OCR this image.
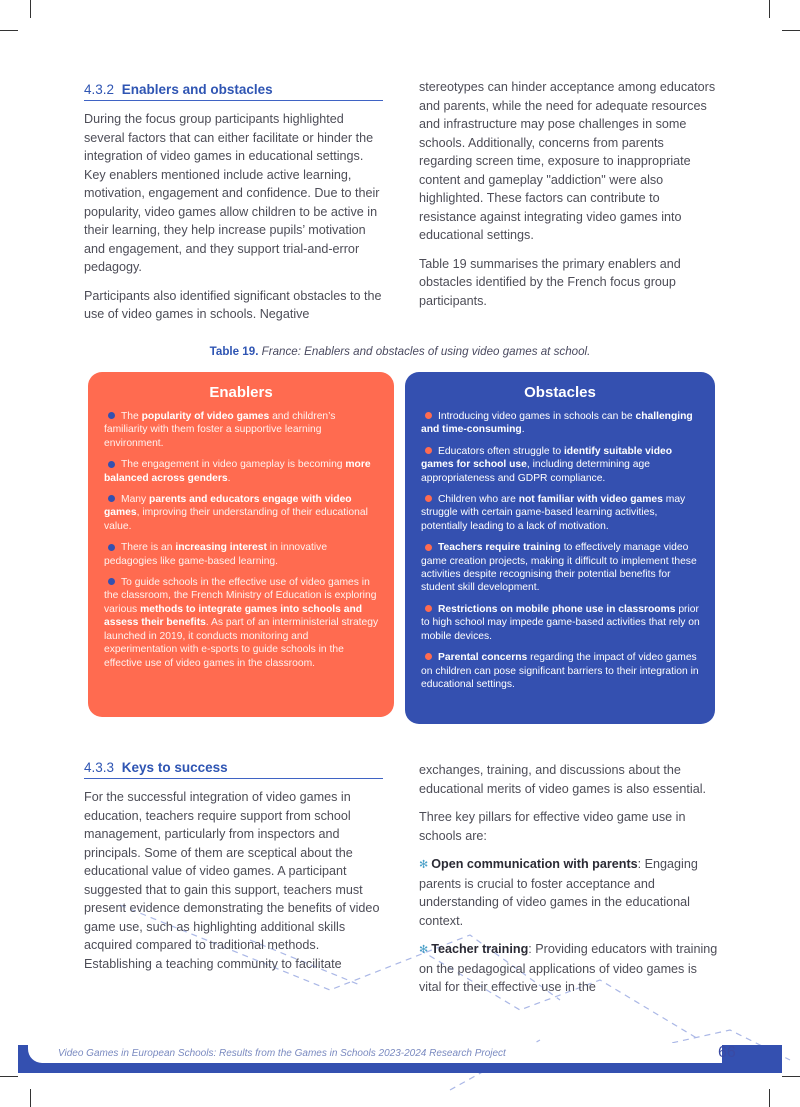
4.3.2 Enablers and obstacles

During the focus group participants highlighted several factors that can either facilitate or hinder the integration of video games in educational settings. Key enablers mentioned include active learning, motivation, engagement and confidence. Due to their popularity, video games allow children to be active in their learning, they help increase pupils’ motivation and engagement, and they support trial-and-error pedagogy.

Participants also identified significant obstacles to the use of video games in schools. Negative

stereotypes can hinder acceptance among educators and parents, while the need for adequate resources and infrastructure may pose challenges in some schools. Additionally, concerns from parents regarding screen time, exposure to inappropriate content and gameplay "addiction" were also highlighted. These factors can contribute to resistance against integrating video games into educational settings.

Table 19 summarises the primary enablers and obstacles identified by the French focus group participants.

Table 19. France: Enablers and obstacles of using video games at school.
Enablers
The popularity of video games and children’s familiarity with them foster a supportive learning environment.
The engagement in video gameplay is becoming more balanced across genders.
Many parents and educators engage with video games, improving their understanding of their educational value.
There is an increasing interest in innovative pedagogies like game-based learning.
To guide schools in the effective use of video games in the classroom, the French Ministry of Education is exploring various methods to integrate games into schools and assess their benefits. As part of an interministerial strategy launched in 2019, it conducts monitoring and experimentation with e-sports to guide schools in the effective use of video games in the classroom.
Obstacles
Introducing video games in schools can be challenging and time-consuming.
Educators often struggle to identify suitable video games for school use, including determining age appropriateness and GDPR compliance.
Children who are not familiar with video games may struggle with certain game-based learning activities, potentially leading to a lack of motivation.
Teachers require training to effectively manage video game creation projects, making it difficult to implement these activities despite recognising their potential benefits for student skill development.
Restrictions on mobile phone use in classrooms prior to high school may impede game-based activities that rely on mobile devices.
Parental concerns regarding the impact of video games on children can pose significant barriers to their integration in educational settings.
4.3.3 Keys to success

For the successful integration of video games in education, teachers require support from school management, particularly from inspectors and principals. Some of them are sceptical about the educational value of video games. A participant suggested that to gain this support, teachers must present evidence demonstrating the benefits of video game use, such as highlighting additional skills acquired compared to traditional methods. Establishing a teaching community to facilitate

exchanges, training, and discussions about the educational merits of video games is also essential.

Three key pillars for effective video game use in schools are:

✻ Open communication with parents: Engaging parents is crucial to foster acceptance and understanding of video games in the educational context.

✻ Teacher training: Providing educators with training on the pedagogical applications of video games is vital for their effective use in the

Video Games in European Schools: Results from the Games in Schools 2023-2024 Research Project	66
